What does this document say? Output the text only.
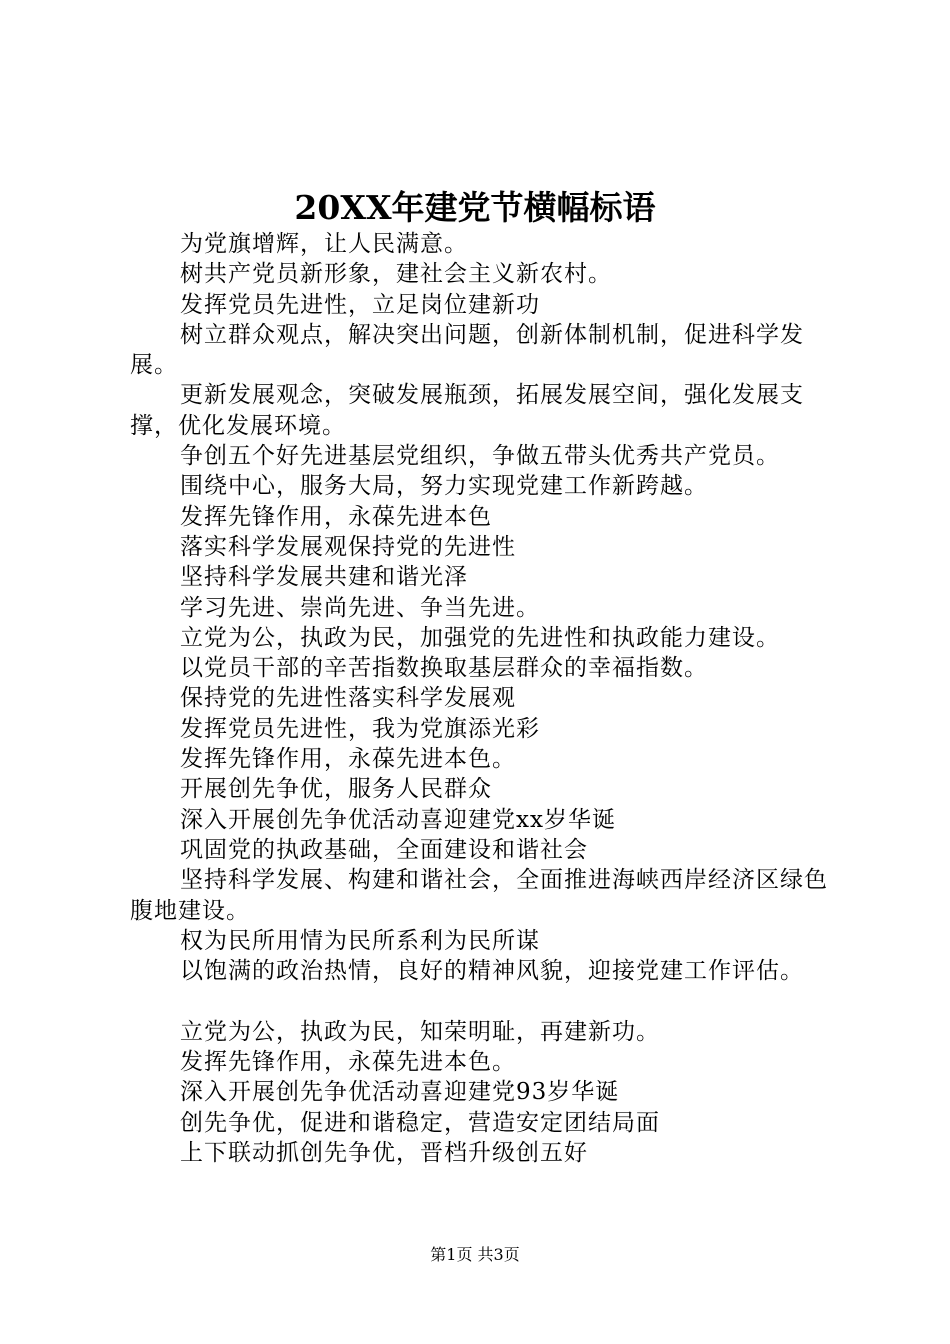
20XX年建党节横幅标语

为党旗增辉，让人民满意。

树共产党员新形象，建社会主义新农村。

发挥党员先进性，立足岗位建新功

树立群众观点，解决突出问题，创新体制机制，促进科学发展。

更新发展观念，突破发展瓶颈，拓展发展空间，强化发展支撑，优化发展环境。

争创五个好先进基层党组织，争做五带头优秀共产党员。

围绕中心，服务大局，努力实现党建工作新跨越。

发挥先锋作用，永葆先进本色

落实科学发展观保持党的先进性

坚持科学发展共建和谐光泽

学习先进、崇尚先进、争当先进。

立党为公，执政为民，加强党的先进性和执政能力建设。

以党员干部的辛苦指数换取基层群众的幸福指数。

保持党的先进性落实科学发展观

发挥党员先进性，我为党旗添光彩

发挥先锋作用，永葆先进本色。

开展创先争优，服务人民群众

深入开展创先争优活动喜迎建党xx岁华诞

巩固党的执政基础，全面建设和谐社会

坚持科学发展、构建和谐社会，全面推进海峡西岸经济区绿色腹地建设。

权为民所用情为民所系利为民所谋

以饱满的政治热情，良好的精神风貌，迎接党建工作评估。

立党为公，执政为民，知荣明耻，再建新功。

发挥先锋作用，永葆先进本色。

深入开展创先争优活动喜迎建党93岁华诞

创先争优，促进和谐稳定，营造安定团结局面

上下联动抓创先争优，晋档升级创五好

第1页 共3页
